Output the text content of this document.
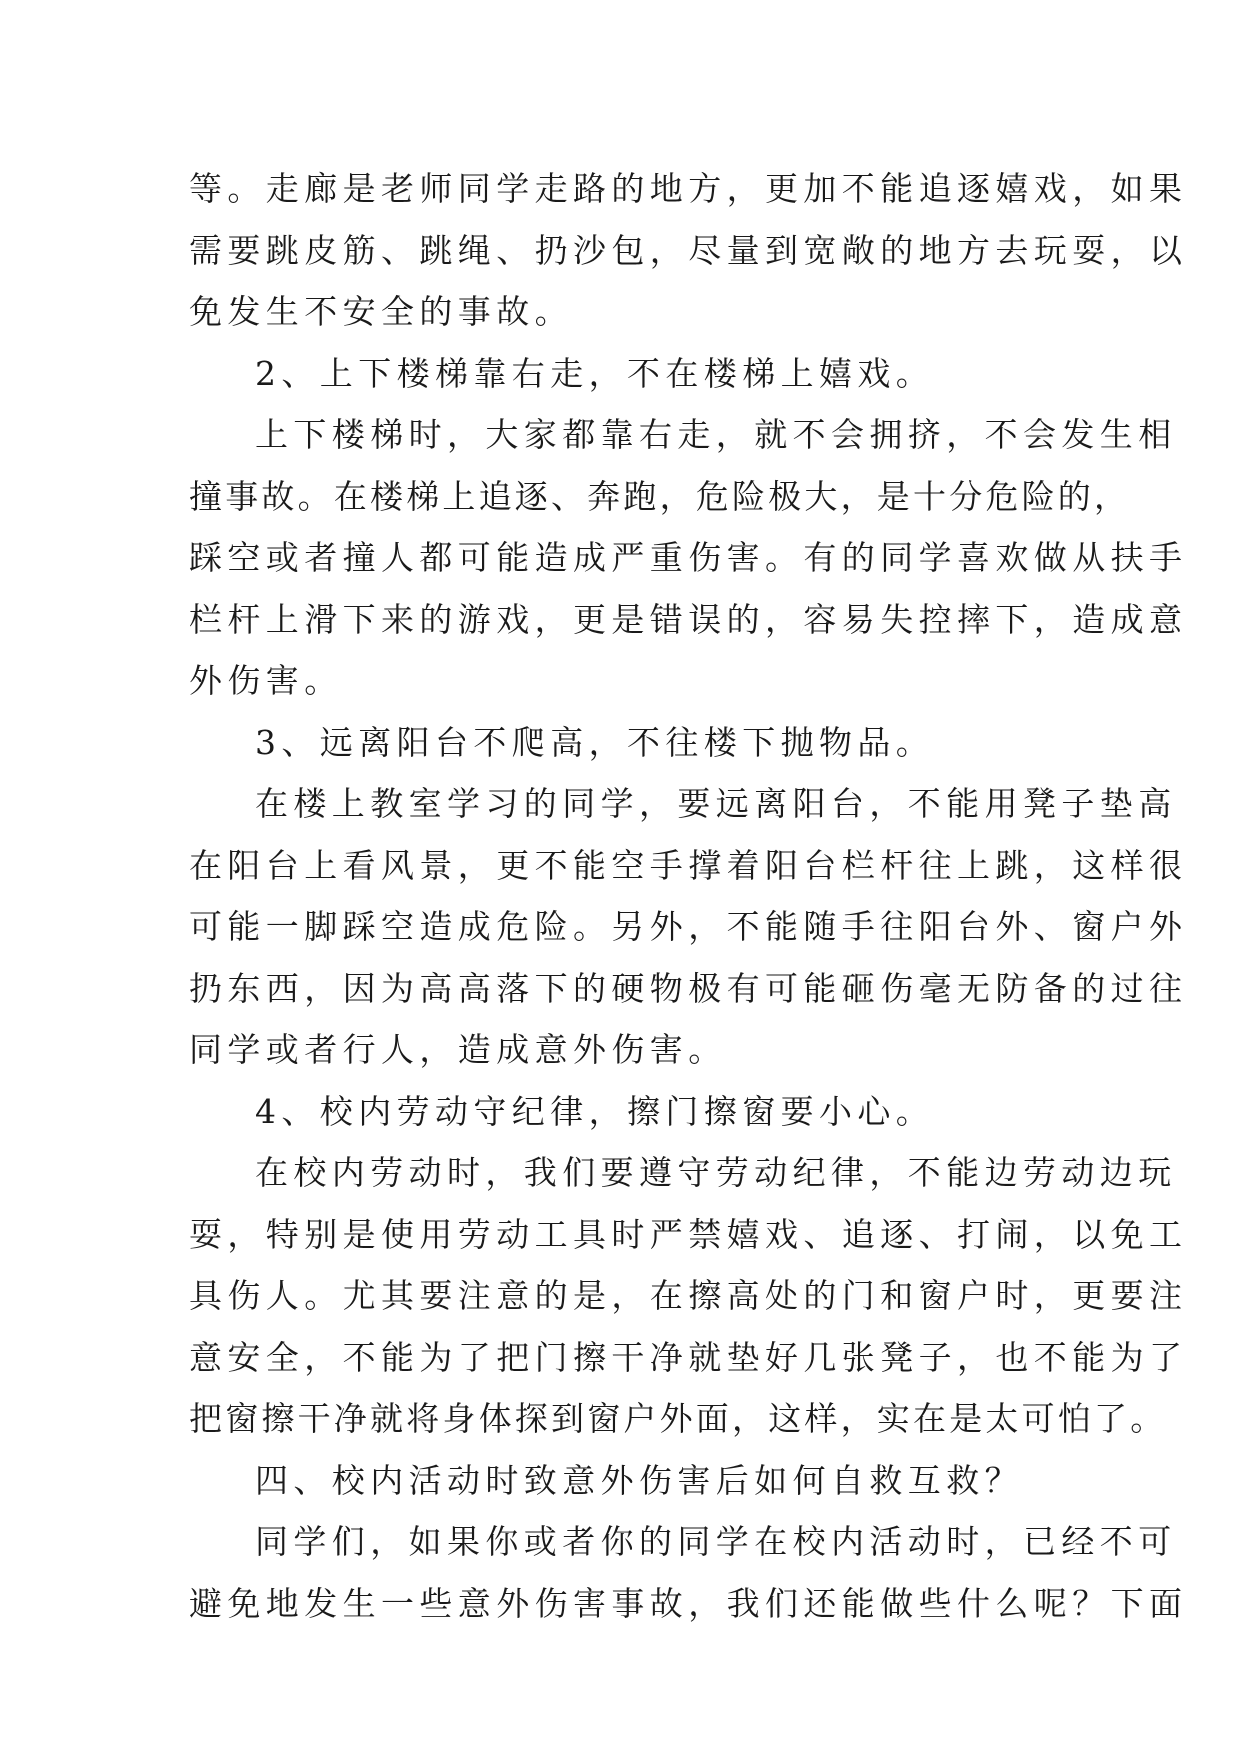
等。走廊是老师同学走路的地方，更加不能追逐嬉戏，如果
需要跳皮筋、跳绳、扔沙包，尽量到宽敞的地方去玩耍，以
免发生不安全的事故。
2、上下楼梯靠右走，不在楼梯上嬉戏。
上下楼梯时，大家都靠右走，就不会拥挤，不会发生相
撞事故。在楼梯上追逐、奔跑，危险极大，是十分危险的，
踩空或者撞人都可能造成严重伤害。有的同学喜欢做从扶手
栏杆上滑下来的游戏，更是错误的，容易失控摔下，造成意
外伤害。
3、远离阳台不爬高，不往楼下抛物品。
在楼上教室学习的同学，要远离阳台，不能用凳子垫高
在阳台上看风景，更不能空手撑着阳台栏杆往上跳，这样很
可能一脚踩空造成危险。另外，不能随手往阳台外、窗户外
扔东西，因为高高落下的硬物极有可能砸伤毫无防备的过往
同学或者行人，造成意外伤害。
4、校内劳动守纪律，擦门擦窗要小心。
在校内劳动时，我们要遵守劳动纪律，不能边劳动边玩
耍，特别是使用劳动工具时严禁嬉戏、追逐、打闹，以免工
具伤人。尤其要注意的是，在擦高处的门和窗户时，更要注
意安全，不能为了把门擦干净就垫好几张凳子，也不能为了
把窗擦干净就将身体探到窗户外面，这样，实在是太可怕了。
四、校内活动时致意外伤害后如何自救互救？
同学们，如果你或者你的同学在校内活动时，已经不可
避免地发生一些意外伤害事故，我们还能做些什么呢？下面
